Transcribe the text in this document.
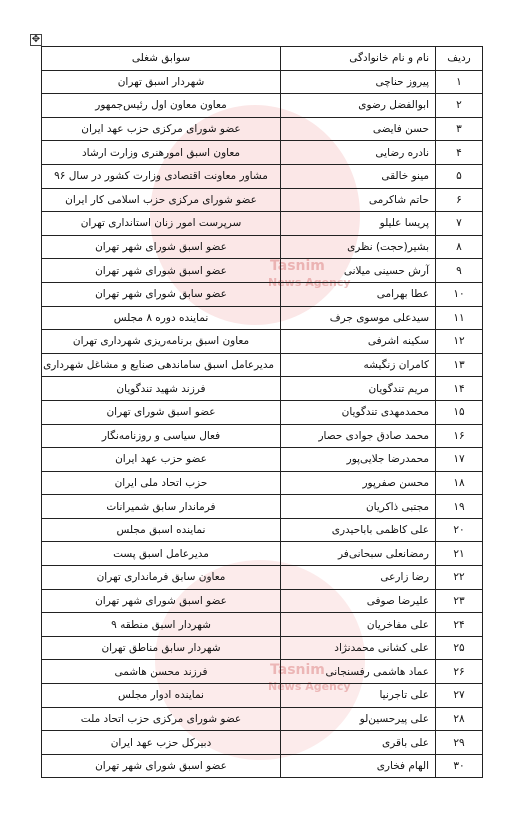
✥
Tasnim
News Agency
Tasnim
News Agency
ردیف	نام و نام خانوادگی	سوابق شغلی
۱	پیروز حناچی	شهردار اسبق تهران
۲	ابوالفضل رضوی	معاون معاون اول رئیس‌جمهور
۳	حسن فایضی	عضو شورای مرکزی حزب عهد ایران
۴	نادره رضایی	معاون اسبق امورهنری وزارت ارشاد
۵	مینو خالقی	مشاور معاونت اقتصادی وزارت کشور در سال ۹۶
۶	حاتم شاکرمی	عضو شورای مرکزی حزب اسلامی کار ایران
۷	پریسا علیلو	سرپرست امور زنان استانداری تهران
۸	بشیر(حجت) نظری	عضو اسبق شورای شهر تهران
۹	آرش حسینی میلانی	عضو اسبق شورای شهر تهران
۱۰	عطا بهرامی	عضو سابق شورای شهر تهران
۱۱	سیدعلی موسوی جرف	نماینده دوره ۸ مجلس
۱۲	سکینه اشرفی	معاون اسبق برنامه‌ریزی شهرداری تهران
۱۳	کامران زنگیشه	مدیرعامل اسبق ساماندهی صنایع و مشاغل شهرداری
۱۴	مریم تندگویان	فرزند شهید تندگویان
۱۵	محمدمهدی تندگویان	عضو اسبق شورای تهران
۱۶	محمد صادق جوادی حصار	فعال سیاسی و روزنامه‌نگار
۱۷	محمدرضا جلایی‌پور	عضو حزب عهد ایران
۱۸	محسن صفرپور	حزب اتحاد ملی ایران
۱۹	مجتبی ذاکریان	فرماندار سابق شمیرانات
۲۰	علی کاظمی باباحیدری	نماینده اسبق مجلس
۲۱	رمضانعلی سبحانی‌فر	مدیرعامل اسبق پست
۲۲	رضا زارعی	معاون سابق فرمانداری تهران
۲۳	علیرضا صوفی	عضو اسبق شورای شهر تهران
۲۴	علی مفاخریان	شهردار اسبق منطقه ۹
۲۵	علی کشانی محمدنژاد	شهردار سابق مناطق تهران
۲۶	عماد هاشمی رفسنجانی	فرزند محسن هاشمی
۲۷	علی تاجرنیا	نماینده ادوار مجلس
۲۸	علی پیرحسین‌لو	عضو شورای مرکزی حزب اتحاد ملت
۲۹	علی باقری	دبیرکل حزب عهد ایران
۳۰	الهام فخاری	عضو اسبق شورای شهر تهران
